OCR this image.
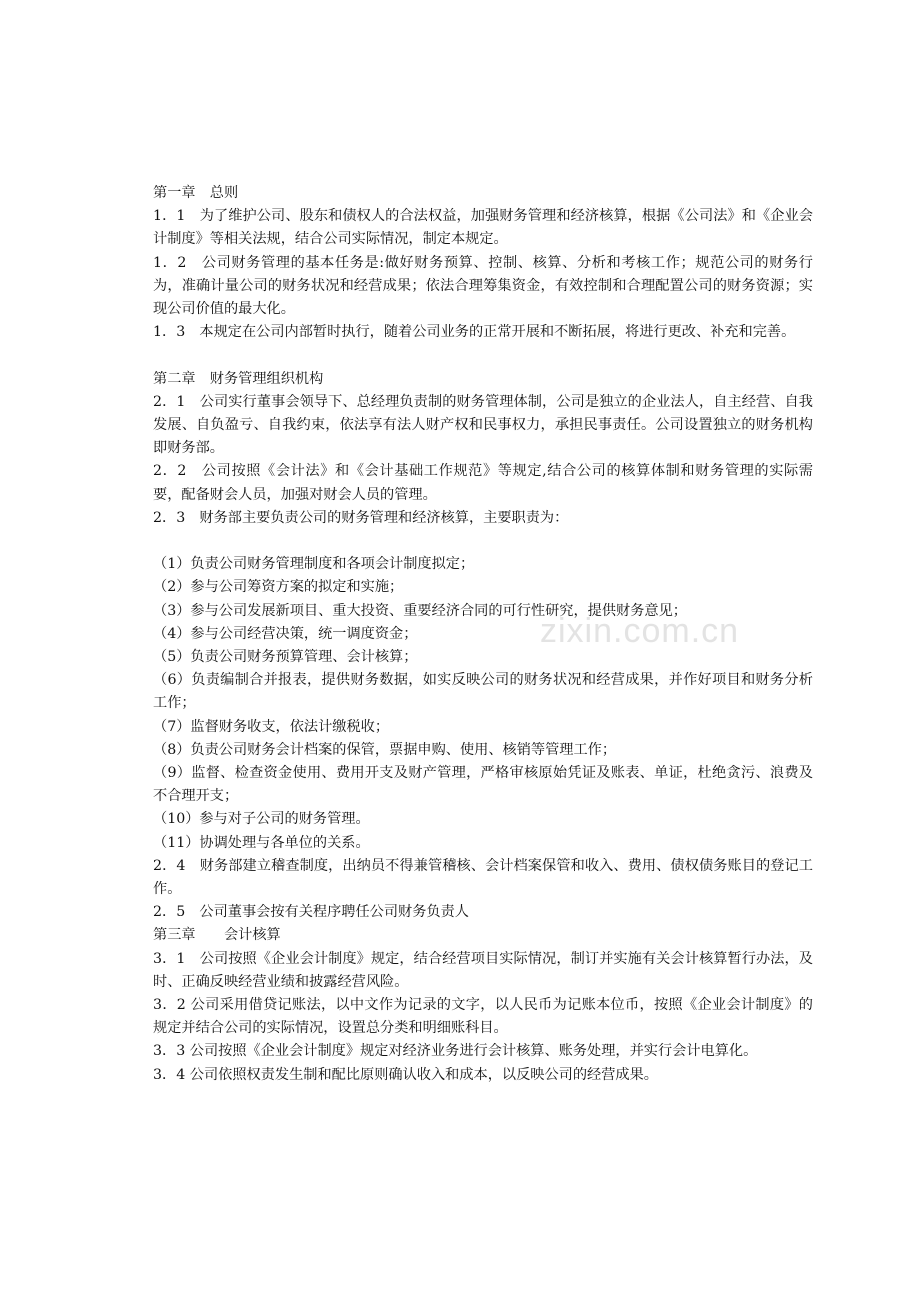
第一章　总则

1．1　为了维护公司、股东和债权人的合法权益，加强财务管理和经济核算，根据《公司法》和《企业会计制度》等相关法规，结合公司实际情况，制定本规定。

1．2　公司财务管理的基本任务是:做好财务预算、控制、核算、分析和考核工作；规范公司的财务行为，准确计量公司的财务状况和经营成果；依法合理筹集资金，有效控制和合理配置公司的财务资源；实现公司价值的最大化。

1．3　本规定在公司内部暂时执行，随着公司业务的正常开展和不断拓展，将进行更改、补充和完善。

第二章　财务管理组织机构

2．1　公司实行董事会领导下、总经理负责制的财务管理体制，公司是独立的企业法人，自主经营、自我发展、自负盈亏、自我约束，依法享有法人财产权和民事权力，承担民事责任。公司设置独立的财务机构即财务部。

2．2　公司按照《会计法》和《会计基础工作规范》等规定,结合公司的核算体制和财务管理的实际需要，配备财会人员，加强对财会人员的管理。

2．3　财务部主要负责公司的财务管理和经济核算，主要职责为：

（1）负责公司财务管理制度和各项会计制度拟定；

（2）参与公司筹资方案的拟定和实施；

（3）参与公司发展新项目、重大投资、重要经济合同的可行性研究，提供财务意见；

（4）参与公司经营决策，统一调度资金；

（5）负责公司财务预算管理、会计核算；

（6）负责编制合并报表，提供财务数据，如实反映公司的财务状况和经营成果，并作好项目和财务分析工作；

（7）监督财务收支，依法计缴税收；

（8）负责公司财务会计档案的保管，票据申购、使用、核销等管理工作；

（9）监督、检查资金使用、费用开支及财产管理，严格审核原始凭证及账表、单证，杜绝贪污、浪费及不合理开支；

（10）参与对子公司的财务管理。

（11）协调处理与各单位的关系。

2．4　财务部建立稽查制度，出纳员不得兼管稽核、会计档案保管和收入、费用、债权债务账目的登记工作。

2．5　公司董事会按有关程序聘任公司财务负责人

第三章　　会计核算

3．1　公司按照《企业会计制度》规定，结合经营项目实际情况，制订并实施有关会计核算暂行办法，及时、正确反映经营业绩和披露经营风险。

3．2 公司采用借贷记账法，以中文作为记录的文字，以人民币为记账本位币，按照《企业会计制度》的规定并结合公司的实际情况，设置总分类和明细账科目。

3．3 公司按照《企业会计制度》规定对经济业务进行会计核算、账务处理，并实行会计电算化。

3．4 公司依照权责发生制和配比原则确认收入和成本，以反映公司的经营成果。

zixin.com.cn
